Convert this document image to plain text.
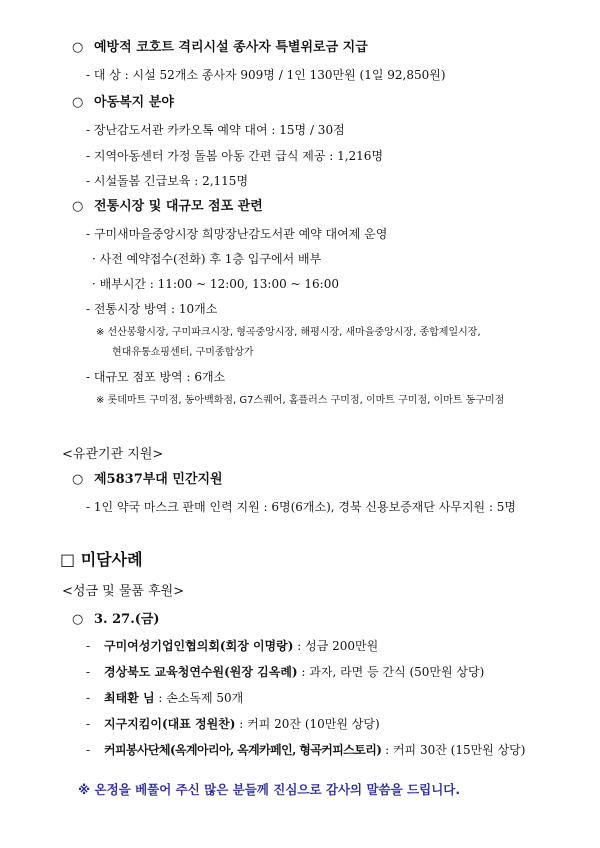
○ 예방적 코호트 격리시설 종사자 특별위로금 지급
- 대 상 : 시설 52개소 종사자 909명 / 1인 130만원 (1일 92,850원)
○ 아동복지 분야
- 장난감도서관 카카오톡 예약 대여 : 15명 / 30점
- 지역아동센터 가정 돌봄 아동 간편 급식 제공 : 1,216명
- 시설돌봄 긴급보육 : 2,115명
○ 전통시장 및 대규모 점포 관련
- 구미새마을중앙시장 희망장난감도서관 예약 대여제 운영
· 사전 예약접수(전화) 후 1층 입구에서 배부
· 배부시간 : 11:00 ~ 12:00, 13:00 ~ 16:00
- 전통시장 방역 : 10개소
※ 선산봉황시장, 구미파크시장, 형곡중앙시장, 해평시장, 새마을중앙시장, 종합제일시장,
현대유통쇼핑센터, 구미종합상가
- 대규모 점포 방역 : 6개소
※ 롯데마트 구미점, 동아백화점, G7스퀘어, 홈플러스 구미점, 이마트 구미점, 이마트 동구미점
<유관기관 지원>
○ 제5837부대 민간지원
- 1인 약국 마스크 판매 인력 지원 : 6명(6개소), 경북 신용보증재단 사무지원 : 5명
□ 미담사례
<성금 및 물품 후원>
○ 3. 27.(금)
- 구미여성기업인협의회(회장 이명랑) : 성금 200만원
- 경상북도 교육청연수원(원장 김옥례) : 과자, 라면 등 간식 (50만원 상당)
- 최태환 님 : 손소독제 50개
- 지구지킴이(대표 정원찬) : 커피 20잔 (10만원 상당)
- 커피봉사단체(옥계아리아, 옥계카페인, 형곡커피스토리) : 커피 30잔 (15만원 상당)
※ 온정을 베풀어 주신 많은 분들께 진심으로 감사의 말씀을 드립니다.
